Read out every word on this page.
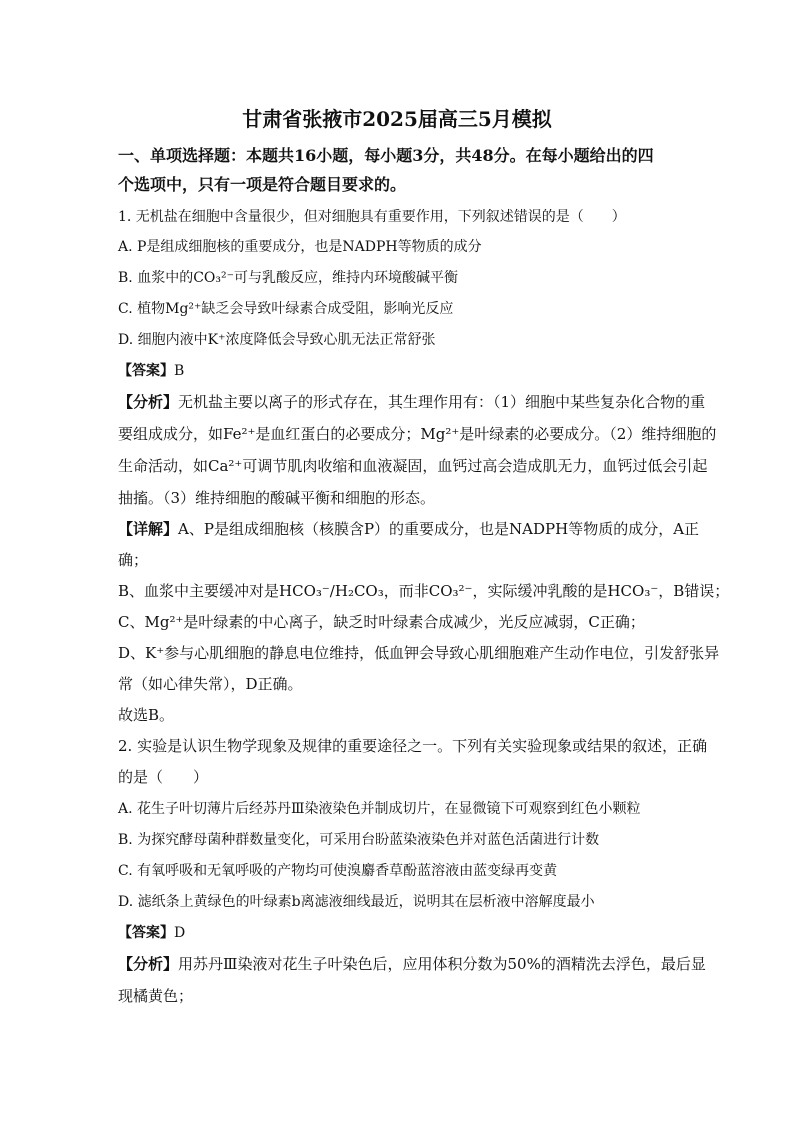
甘肃省张掖市2025届高三5月模拟
一、单项选择题：本题共16小题，每小题3分，共48分。在每小题给出的四
个选项中，只有一项是符合题目要求的。
1. 无机盐在细胞中含量很少，但对细胞具有重要作用，下列叙述错误的是（　　）
A. P是组成细胞核的重要成分，也是NADPH等物质的成分
B. 血浆中的CO₃²⁻可与乳酸反应，维持内环境酸碱平衡
C. 植物Mg²⁺缺乏会导致叶绿素合成受阻，影响光反应
D. 细胞内液中K⁺浓度降低会导致心肌无法正常舒张
【答案】B
【分析】无机盐主要以离子的形式存在，其生理作用有：（1）细胞中某些复杂化合物的重
要组成成分，如Fe²⁺是血红蛋白的必要成分；Mg²⁺是叶绿素的必要成分。（2）维持细胞的
生命活动，如Ca²⁺可调节肌肉收缩和血液凝固，血钙过高会造成肌无力，血钙过低会引起
抽搐。（3）维持细胞的酸碱平衡和细胞的形态。
【详解】A、P是组成细胞核（核膜含P）的重要成分，也是NADPH等物质的成分，A正
确；
B、血浆中主要缓冲对是HCO₃⁻/H₂CO₃，而非CO₃²⁻，实际缓冲乳酸的是HCO₃⁻，B错误；
C、Mg²⁺是叶绿素的中心离子，缺乏时叶绿素合成减少，光反应减弱，C正确；
D、K⁺参与心肌细胞的静息电位维持，低血钾会导致心肌细胞难产生动作电位，引发舒张异
常（如心律失常），D正确。
故选B。
2. 实验是认识生物学现象及规律的重要途径之一。下列有关实验现象或结果的叙述，正确
的是（　　）
A. 花生子叶切薄片后经苏丹Ⅲ染液染色并制成切片，在显微镜下可观察到红色小颗粒
B. 为探究酵母菌种群数量变化，可采用台盼蓝染液染色并对蓝色活菌进行计数
C. 有氧呼吸和无氧呼吸的产物均可使溴麝香草酚蓝溶液由蓝变绿再变黄
D. 滤纸条上黄绿色的叶绿素b离滤液细线最近，说明其在层析液中溶解度最小
【答案】D
【分析】用苏丹Ⅲ染液对花生子叶染色后，应用体积分数为50%的酒精洗去浮色，最后显
现橘黄色；
